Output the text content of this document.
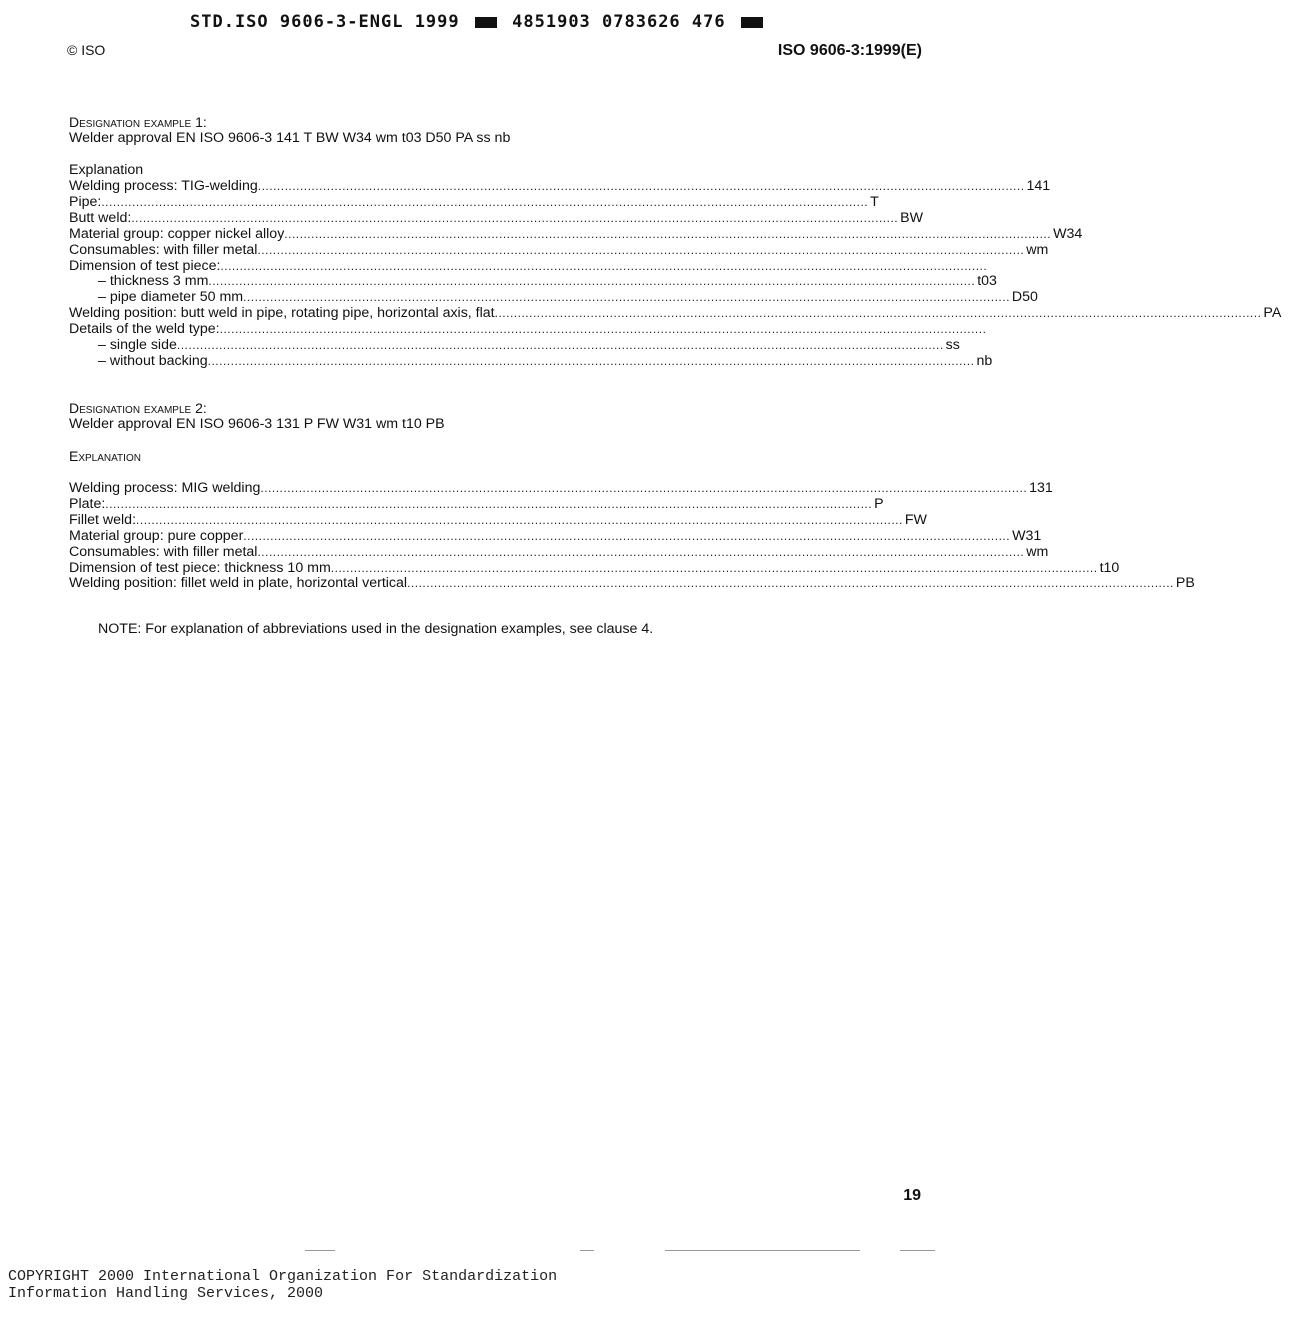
STD.ISO 9606-3-ENGL 1999	4851903 0783626 476
© ISO	ISO 9606-3:1999(E)
Designation example 1:
Welder approval EN ISO 9606-3 141 T BW W34 wm t03 D50 PA ss nb
Explanation
Welding process: TIG-welding ........................................................................................................................................................................................................ 141
Pipe: ........................................................................................................................................................................................................ T
Butt weld: ........................................................................................................................................................................................................ BW
Material group: copper nickel alloy ........................................................................................................................................................................................................ W34
Consumables: with filler metal ........................................................................................................................................................................................................ wm
Dimension of test piece: ........................................................................................................................................................................................................
– thickness 3 mm ........................................................................................................................................................................................................ t03
– pipe diameter 50 mm ........................................................................................................................................................................................................ D50
Welding position: butt weld in pipe, rotating pipe, horizontal axis, flat ........................................................................................................................................................................................................ PA
Details of the weld type: ........................................................................................................................................................................................................
– single side ........................................................................................................................................................................................................ ss
– without backing ........................................................................................................................................................................................................ nb
Designation example 2:
Welder approval EN ISO 9606-3 131 P FW W31 wm t10 PB
Explanation
Welding process: MIG welding ........................................................................................................................................................................................................ 131
Plate: ........................................................................................................................................................................................................ P
Fillet weld: ........................................................................................................................................................................................................ FW
Material group: pure copper ........................................................................................................................................................................................................ W31
Consumables: with filler metal ........................................................................................................................................................................................................ wm
Dimension of test piece: thickness 10 mm ........................................................................................................................................................................................................ t10
Welding position: fillet weld in plate, horizontal vertical ........................................................................................................................................................................................................ PB
NOTE: For explanation of abbreviations used in the designation examples, see clause 4.
19
COPYRIGHT 2000 International Organization For Standardization
Information Handling Services, 2000
